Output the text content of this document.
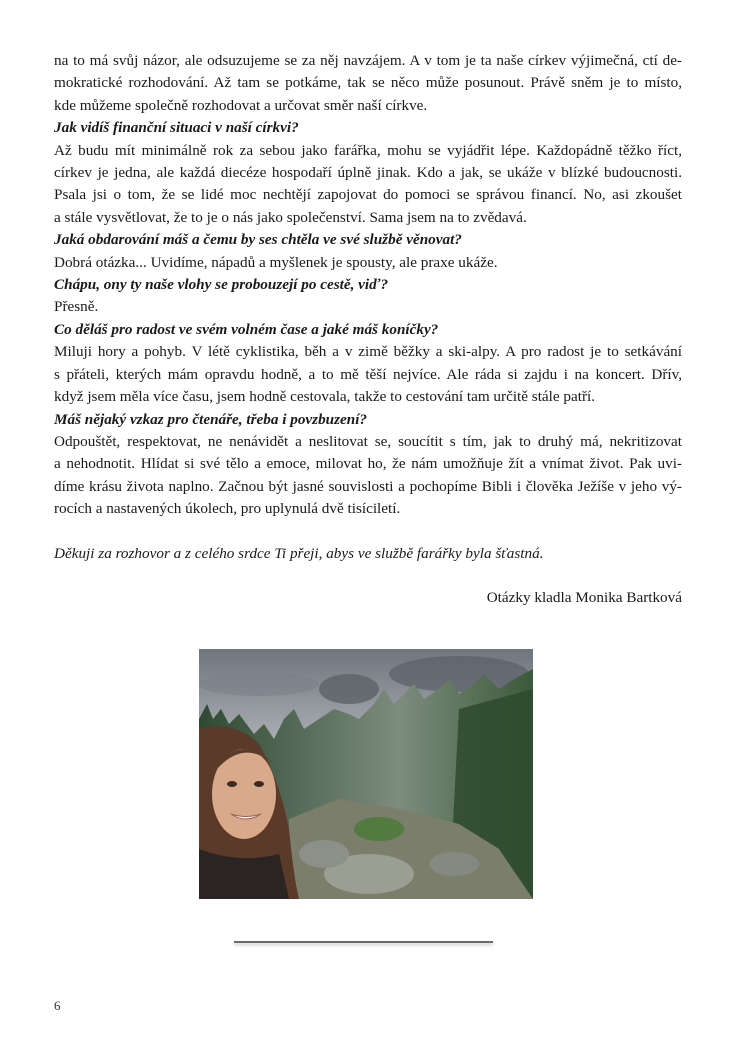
na to má svůj názor, ale odsuzujeme se za něj navzájem. A v tom je ta naše církev výjimečná, ctí de-
mokratické rozhodování. Až tam se potkáme, tak se něco může posunout. Právě sněm je to místo,
kde můžeme společně rozhodovat a určovat směr naší církve.
Jak vidíš finanční situaci v naší církvi?
Až budu mít minimálně rok za sebou jako farářka, mohu se vyjádřit lépe. Každopádně těžko říct,
církev je jedna, ale každá diecéze hospodaří úplně jinak. Kdo a jak, se ukáže v blízké budoucnosti.
Psala jsi o tom, že se lidé moc nechtějí zapojovat do pomoci se správou financí. No, asi zkoušet
a stále vysvětlovat, že to je o nás jako společenství. Sama jsem na to zvědavá.
Jaká obdarování máš a čemu by ses chtěla ve své službě věnovat?
Dobrá otázka... Uvidíme, nápadů a myšlenek je spousty, ale praxe ukáže.
Chápu, ony ty naše vlohy se probouzejí po cestě, viď?
Přesně.
Co děláš pro radost ve svém volném čase a jaké máš koníčky?
Miluji hory a pohyb. V létě cyklistika, běh a v zimě běžky a ski-alpy. A pro radost je to setkávání
s přáteli, kterých mám opravdu hodně, a to mě těší nejvíce. Ale ráda si zajdu i na koncert. Dřív,
když jsem měla více času, jsem hodně cestovala, takže to cestování tam určitě stále patří.
Máš nějaký vzkaz pro čtenáře, třeba i povzbuzení?
Odpouštět, respektovat, ne nenávidět a neslitovat se, soucítit s tím, jak to druhý má, nekritizovat
a nehodnotit. Hlídat si své tělo a emoce, milovat ho, že nám umožňuje žít a vnímat život. Pak uvi-
díme krásu života naplno. Začnou být jasné souvislosti a pochopíme Bibli i člověka Ježíše v jeho vý-
rocích a nastavených úkolech, pro uplynulá dvě tisíciletí.
Děkuji za rozhovor a z celého srdce Ti přeji, abys ve službě farářky byla šťastná.
Otázky kladla Monika Bartková
6
